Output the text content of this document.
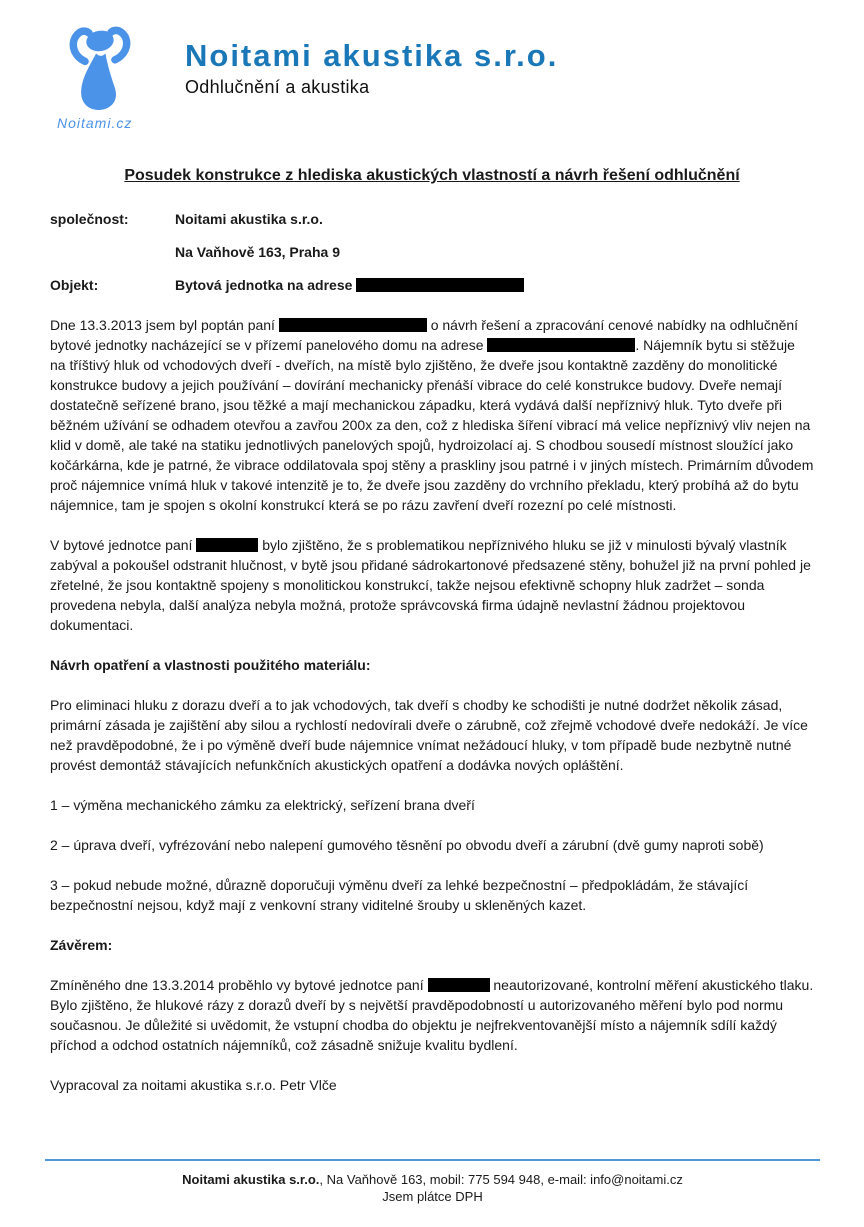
Noitami.cz
Noitami akustika s.r.o.
Odhlučnění a akustika
Posudek konstrukce z hlediska akustických vlastností a návrh řešení odhlučnění
společnost:	Noitami akustika s.r.o.
Na Vaňhově 163, Praha 9
Objekt:	Bytová jednotka na adrese

Dne 13.3.2013 jsem byl poptán paní	o návrh řešení a zpracování cenové nabídky na odhlučnění bytové jednotky nacházející se v přízemí panelového domu na adrese	. Nájemník bytu si stěžuje na tříštivý hluk od vchodových dveří - dveřích, na místě bylo zjištěno, že dveře jsou kontaktně zazděny do monolitické konstrukce budovy a jejich používání – dovírání mechanicky přenáší vibrace do celé konstrukce budovy. Dveře nemají dostatečně seřízené brano, jsou těžké a mají mechanickou západku, která vydává další nepříznivý hluk. Tyto dveře při běžném užívání se odhadem otevřou a zavřou 200x za den, což z hlediska šíření vibrací má velice nepříznivý vliv nejen na klid v domě, ale také na statiku jednotlivých panelových spojů, hydroizolací aj. S chodbou sousedí místnost sloužící jako kočárkárna, kde je patrné, že vibrace oddilatovala spoj stěny a praskliny jsou patrné i v jiných místech. Primárním důvodem proč nájemnice vnímá hluk v takové intenzitě je to, že dveře jsou zazděny do vrchního překladu, který probíhá až do bytu nájemnice, tam je spojen s okolní konstrukcí která se po rázu zavření dveří rozezní po celé místnosti.

V bytové jednotce paní	bylo zjištěno, že s problematikou nepříznivého hluku se již v minulosti bývalý vlastník zabýval a pokoušel odstranit hlučnost, v bytě jsou přidané sádrokartonové předsazené stěny, bohužel již na první pohled je zřetelné, že jsou kontaktně spojeny s monolitickou konstrukcí, takže nejsou efektivně schopny hluk zadržet – sonda provedena nebyla, další analýza nebyla možná, protože správcovská firma údajně nevlastní žádnou projektovou dokumentaci.

Návrh opatření a vlastnosti použitého materiálu:

Pro eliminaci hluku z dorazu dveří a to jak vchodových, tak dveří s chodby ke schodišti je nutné dodržet několik zásad, primární zásada je zajištění aby silou a rychlostí nedovírali dveře o zárubně, což zřejmě vchodové dveře nedokáží. Je více než pravděpodobné, že i po výměně dveří bude nájemnice vnímat nežádoucí hluky, v tom případě bude nezbytně nutné provést demontáž stávajících nefunkčních akustických opatření a dodávka nových opláštění.

1 – výměna mechanického zámku za elektrický, seřízení brana dveří

2 – úprava dveří, vyfrézování nebo nalepení gumového těsnění po obvodu dveří a zárubní (dvě gumy naproti sobě)

3 – pokud nebude možné, důrazně doporučuji výměnu dveří za lehké bezpečnostní – předpokládám, že stávající bezpečnostní nejsou, když mají z venkovní strany viditelné šrouby u skleněných kazet.

Závěrem:

Zmíněného dne 13.3.2014 proběhlo vy bytové jednotce paní	neautorizované, kontrolní měření akustického tlaku. Bylo zjištěno, že hlukové rázy z dorazů dveří by s největší pravděpodobností u autorizovaného měření bylo pod normu současnou. Je důležité si uvědomit, že vstupní chodba do objektu je nejfrekventovanější místo a nájemník sdílí každý příchod a odchod ostatních nájemníků, což zásadně snižuje kvalitu bydlení.

Vypracoval za noitami akustika s.r.o. Petr Vlče

Noitami akustika s.r.o., Na Vaňhově 163, mobil: 775 594 948, e-mail: info@noitami.cz
Jsem plátce DPH
